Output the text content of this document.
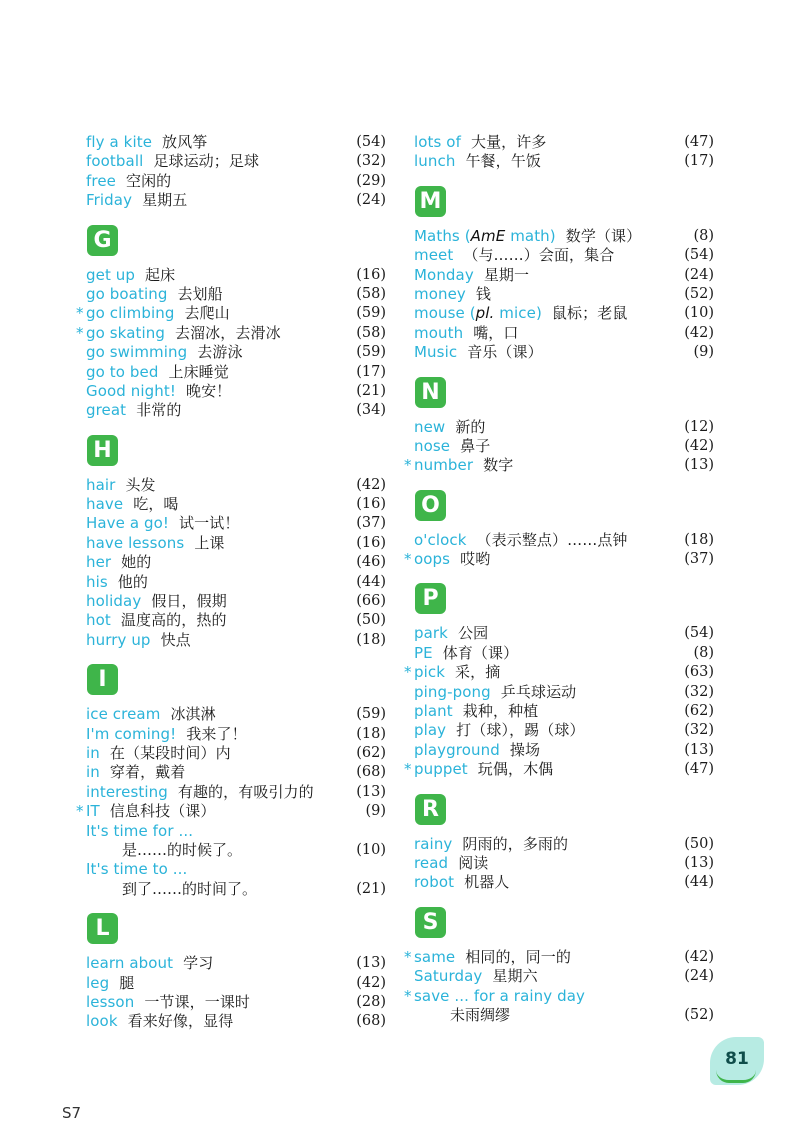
fly a kite 放风筝	(54)
football 足球运动；足球	(32)
free 空闲的	(29)
Friday 星期五	(24)
G
get up 起床	(16)
go boating 去划船	(58)
* go climbing 去爬山	(59)
* go skating 去溜冰，去滑冰	(58)
go swimming 去游泳	(59)
go to bed 上床睡觉	(17)
Good night! 晚安！	(21)
great 非常的	(34)
H
hair 头发	(42)
have 吃，喝	(16)
Have a go! 试一试！	(37)
have lessons 上课	(16)
her 她的	(46)
his 他的	(44)
holiday 假日，假期	(66)
hot 温度高的，热的	(50)
hurry up 快点	(18)
I
ice cream 冰淇淋	(59)
I'm coming! 我来了！	(18)
in 在（某段时间）内	(62)
in 穿着，戴着	(68)
interesting 有趣的，有吸引力的	(13)
* IT 信息科技（课）	(9)
It's time for ...
是……的时候了。	(10)
It's time to ...
到了……的时间了。	(21)
L
learn about 学习	(13)
leg 腿	(42)
lesson 一节课，一课时	(28)
look 看来好像，显得	(68)
lots of 大量，许多	(47)
lunch 午餐，午饭	(17)
M
Maths (AmE math) 数学（课）	(8)
meet （与……）会面，集合	(54)
Monday 星期一	(24)
money 钱	(52)
mouse (pl. mice) 鼠标；老鼠	(10)
mouth 嘴，口	(42)
Music 音乐（课）	(9)
N
new 新的	(12)
nose 鼻子	(42)
* number 数字	(13)
O
o'clock （表示整点）……点钟	(18)
* oops 哎哟	(37)
P
park 公园	(54)
PE 体育（课）	(8)
* pick 采，摘	(63)
ping-pong 乒乓球运动	(32)
plant 栽种，种植	(62)
play 打（球），踢（球）	(32)
playground 操场	(13)
* puppet 玩偶，木偶	(47)
R
rainy 阴雨的，多雨的	(50)
read 阅读	(13)
robot 机器人	(44)
S
* same 相同的，同一的	(42)
Saturday 星期六	(24)
* save ... for a rainy day
未雨绸缪	(52)
81
S7
